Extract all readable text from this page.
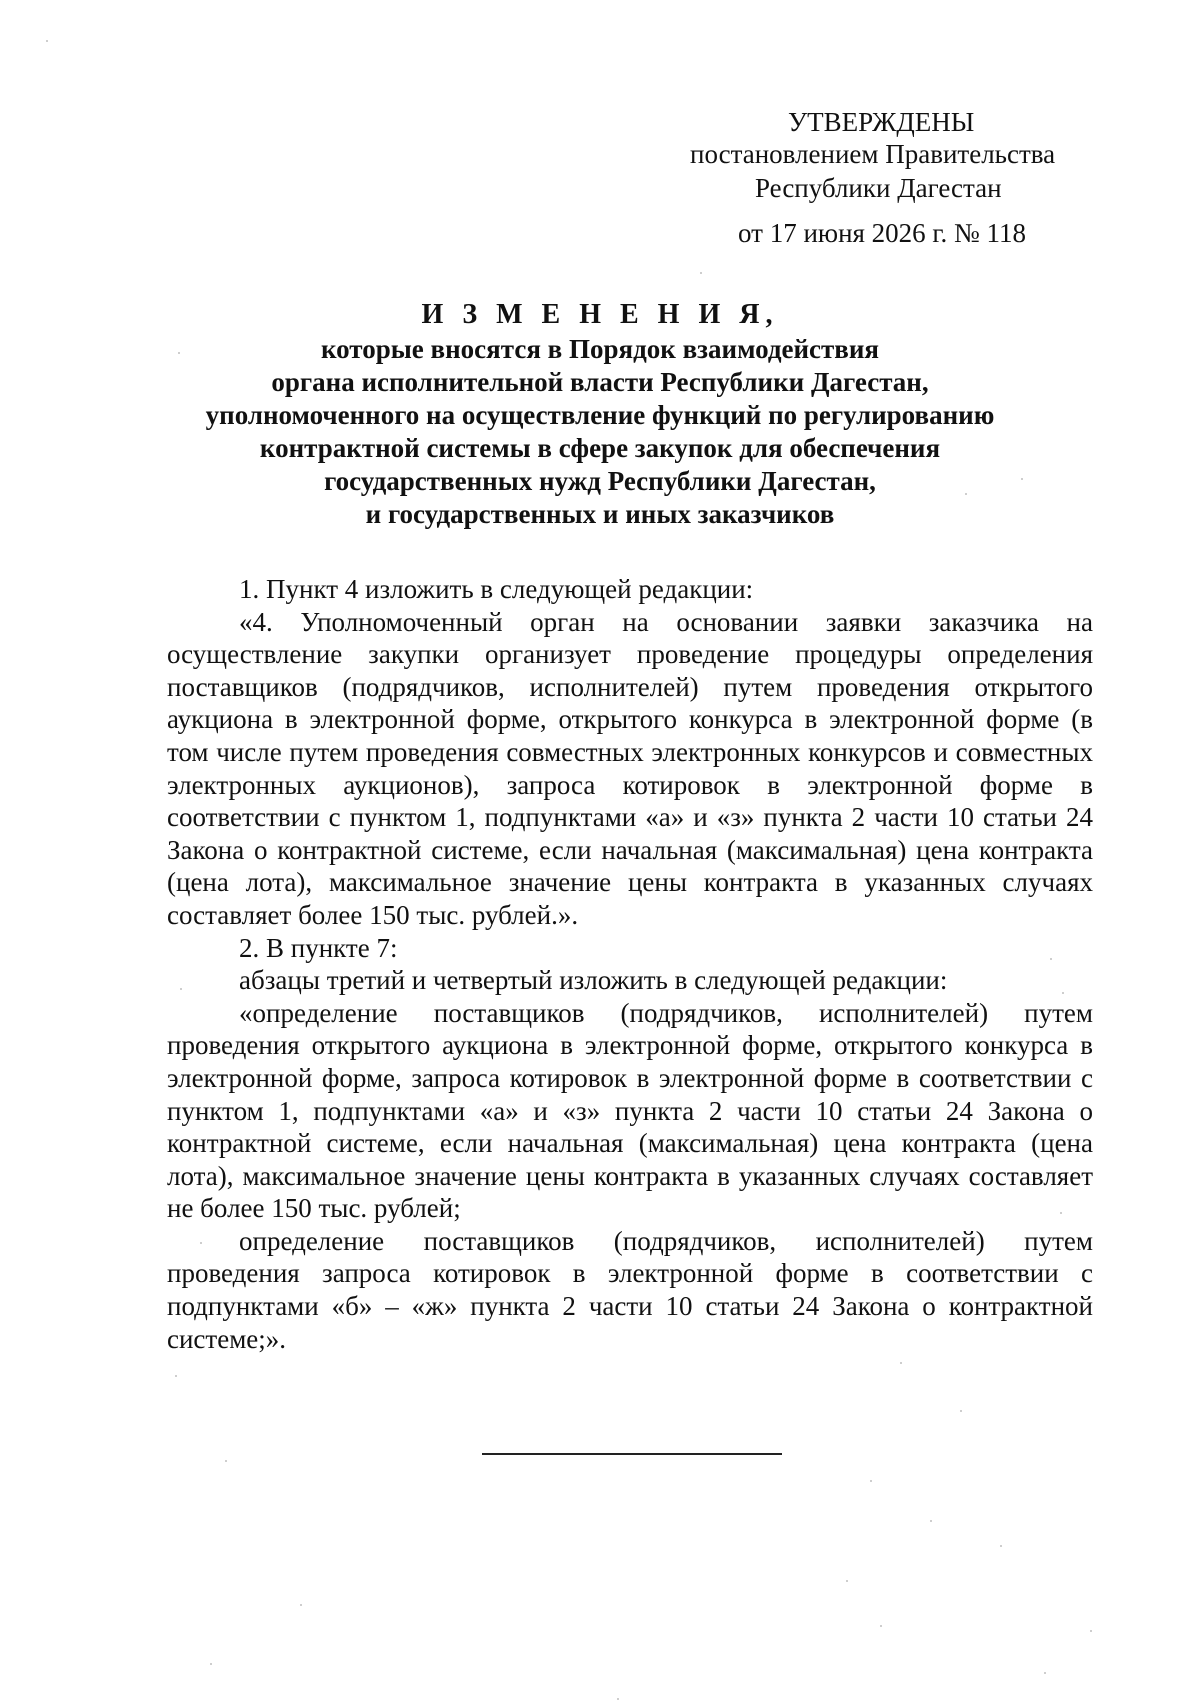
УТВЕРЖДЕНЫ
постановлением Правительства
Республики Дагестан
от 17 июня 2026 г. № 118
И З М Е Н Е Н И Я,
которые вносятся в Порядок взаимодействия
органа исполнительной власти Республики Дагестан,
уполномоченного на осуществление функций по регулированию
контрактной системы в сфере закупок для обеспечения
государственных нужд Республики Дагестан,
и государственных и иных заказчиков

1. Пункт 4 изложить в следующей редакции:

«4. Уполномоченный орган на основании заявки заказчика на осуществление закупки организует проведение процедуры определения поставщиков (подрядчиков, исполнителей) путем проведения открытого аукциона в электронной форме, открытого конкурса в электронной форме (в том числе путем проведения совместных электронных конкурсов и совместных электронных аукционов), запроса котировок в электронной форме в соответствии с пунктом 1, подпунктами «а» и «з» пункта 2 части 10 статьи 24 Закона о контрактной системе, если начальная (максимальная) цена контракта (цена лота), максимальное значение цены контракта в указанных случаях составляет более 150 тыс. рублей.».

2. В пункте 7:

абзацы третий и четвертый изложить в следующей редакции:

«определение поставщиков (подрядчиков, исполнителей) путем проведения открытого аукциона в электронной форме, открытого конкурса в электронной форме, запроса котировок в электронной форме в соответствии с пунктом 1, подпунктами «а» и «з» пункта 2 части 10 статьи 24 Закона о контрактной системе, если начальная (максимальная) цена контракта (цена лота), максимальное значение цены контракта в указанных случаях составляет не более 150 тыс. рублей;

определение поставщиков (подрядчиков, исполнителей) путем проведения запроса котировок в электронной форме в соответствии с подпунктами «б» – «ж» пункта 2 части 10 статьи 24 Закона о контрактной системе;».
